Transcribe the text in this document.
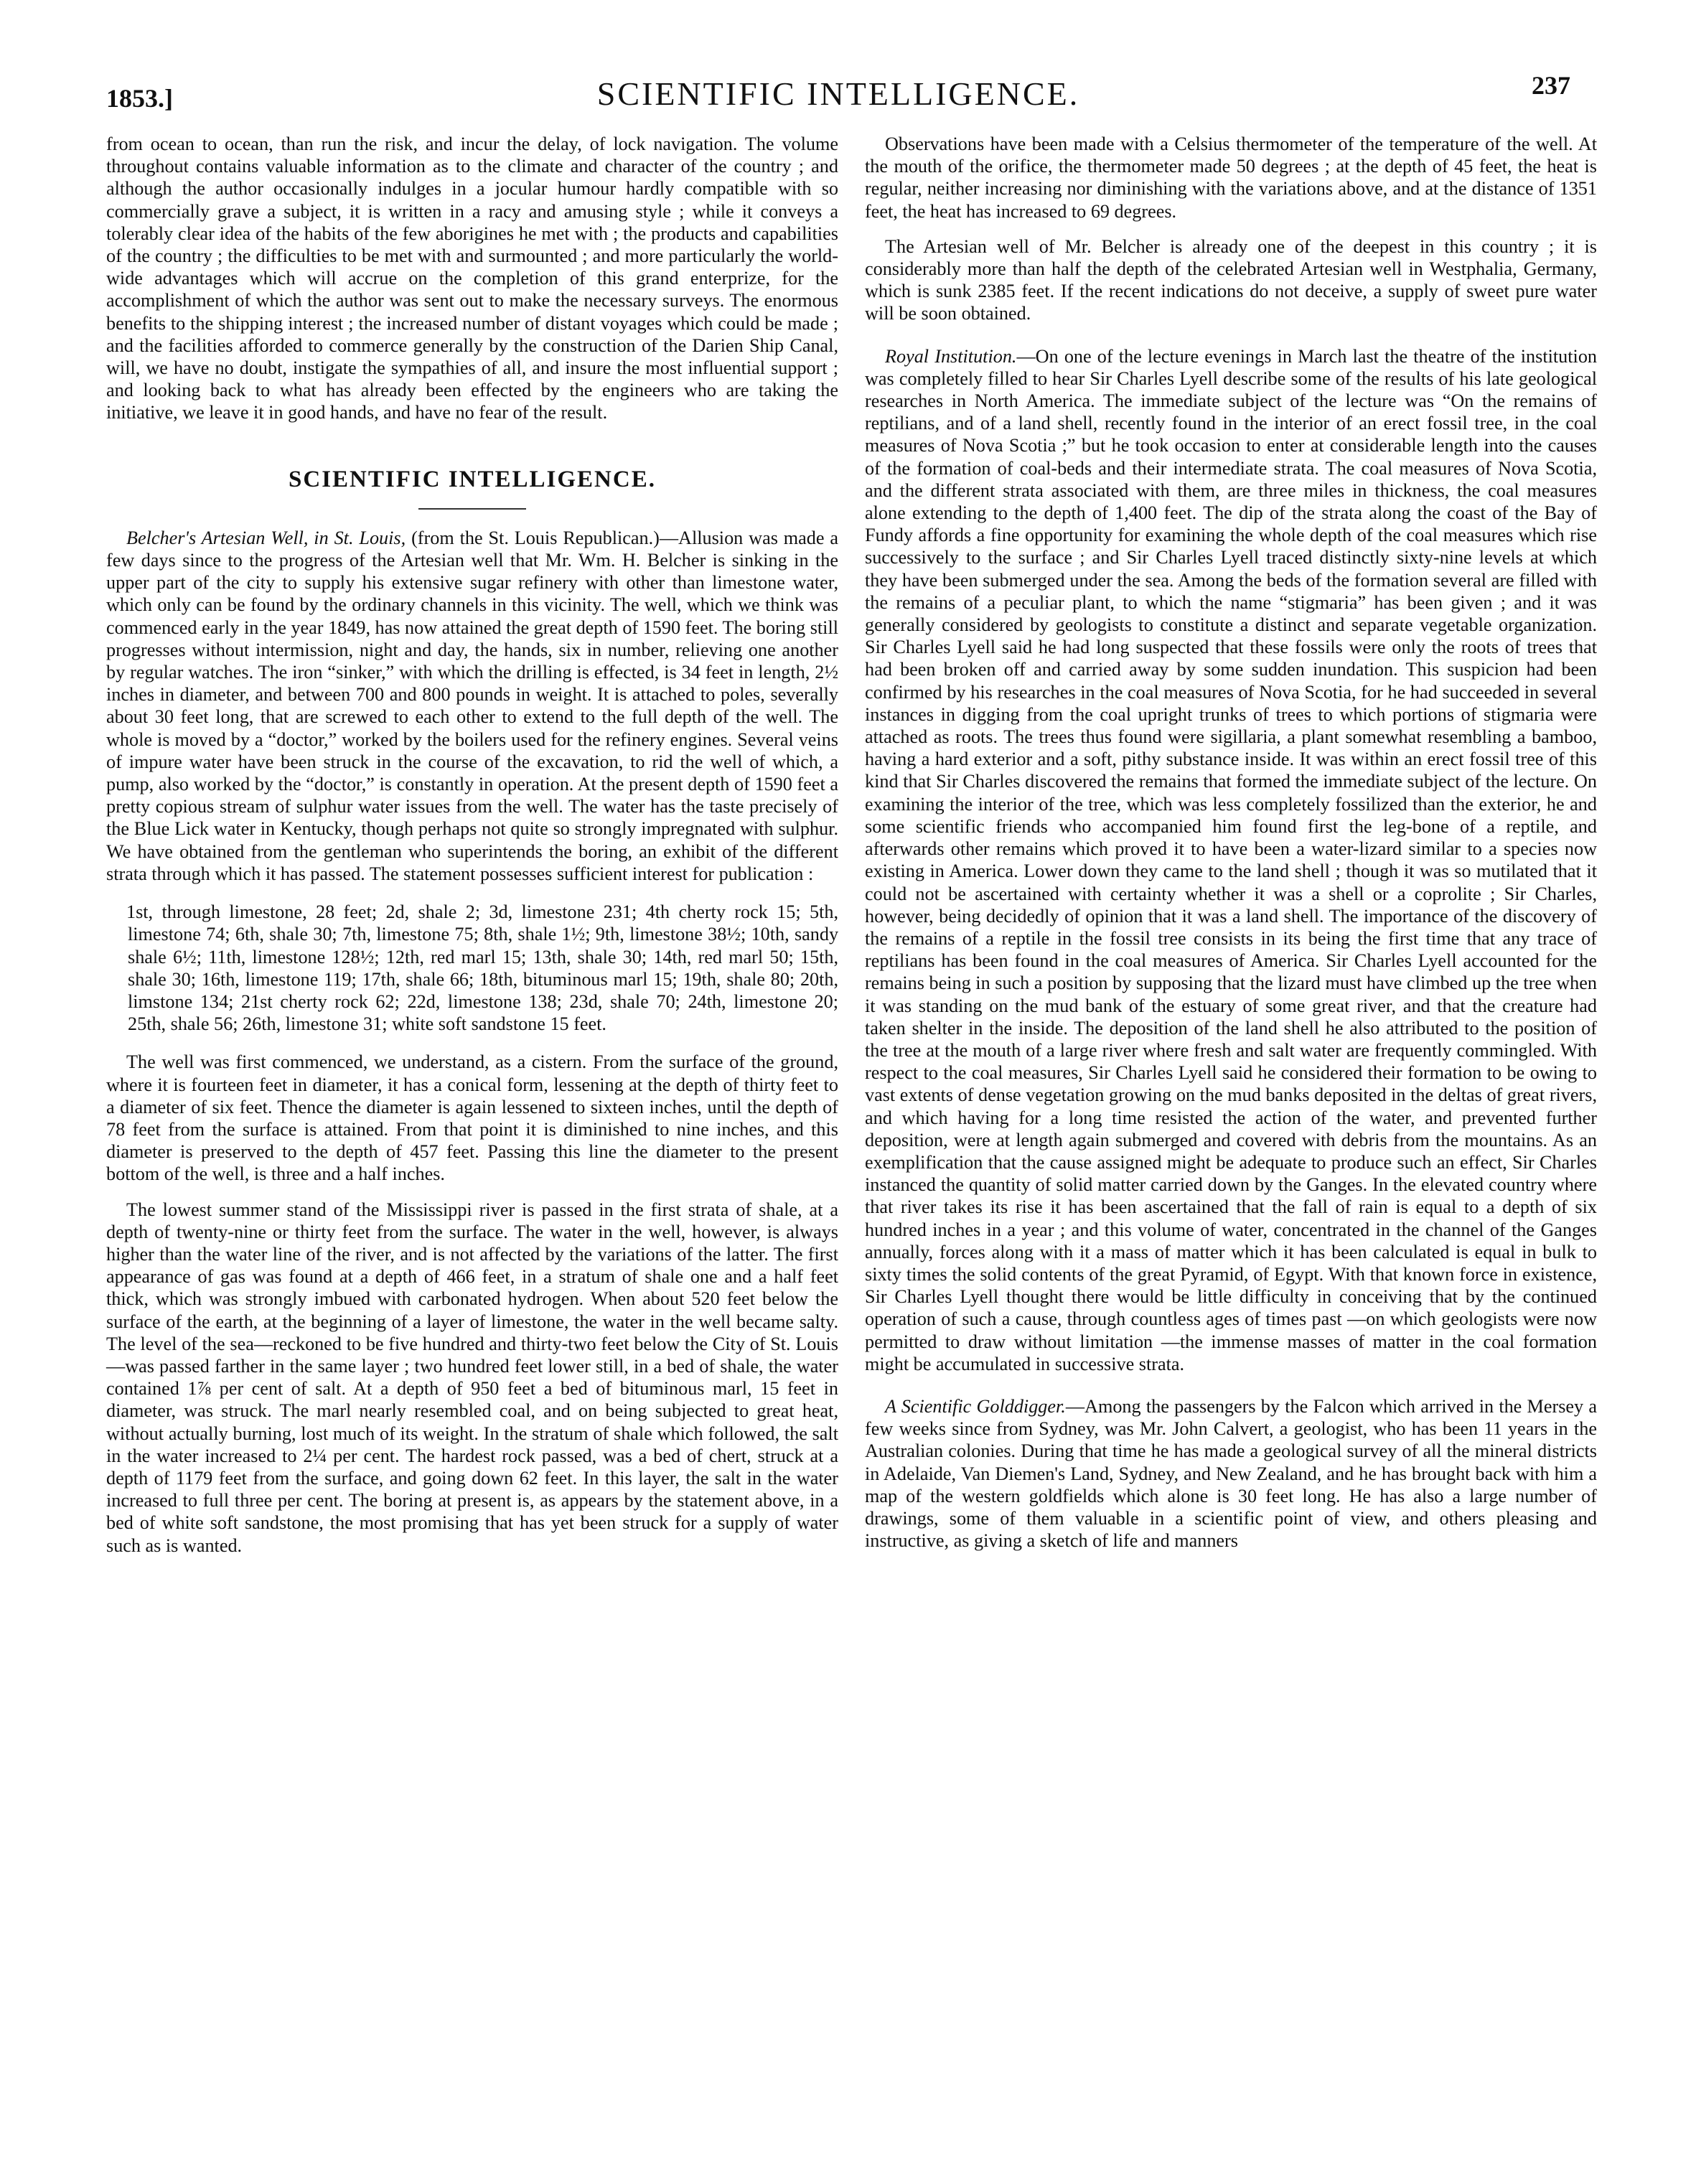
1853.]	SCIENTIFIC INTELLIGENCE.	237

from ocean to ocean, than run the risk, and incur the delay, of lock navigation. The volume throughout contains valuable information as to the climate and character of the country ; and although the author occasionally indulges in a jocular humour hardly compatible with so commercially grave a subject, it is written in a racy and amusing style ; while it conveys a tolerably clear idea of the habits of the few aborigines he met with ; the products and capabilities of the country ; the difficulties to be met with and surmounted ; and more particularly the world-wide advantages which will accrue on the completion of this grand enterprize, for the accomplishment of which the author was sent out to make the necessary surveys. The enormous benefits to the shipping interest ; the increased number of distant voyages which could be made ; and the facilities afforded to commerce generally by the construction of the Darien Ship Canal, will, we have no doubt, instigate the sympathies of all, and insure the most influential support ; and looking back to what has already been effected by the engineers who are taking the initiative, we leave it in good hands, and have no fear of the result.

SCIENTIFIC INTELLIGENCE.

Belcher's Artesian Well, in St. Louis, (from the St. Louis Republican.)—Allusion was made a few days since to the progress of the Artesian well that Mr. Wm. H. Belcher is sinking in the upper part of the city to supply his extensive sugar refinery with other than limestone water, which only can be found by the ordinary channels in this vicinity. The well, which we think was commenced early in the year 1849, has now attained the great depth of 1590 feet. The boring still progresses without intermission, night and day, the hands, six in number, relieving one another by regular watches. The iron “sinker,” with which the drilling is effected, is 34 feet in length, 2½ inches in diameter, and between 700 and 800 pounds in weight. It is attached to poles, severally about 30 feet long, that are screwed to each other to extend to the full depth of the well. The whole is moved by a “doctor,” worked by the boilers used for the refinery engines. Several veins of impure water have been struck in the course of the excavation, to rid the well of which, a pump, also worked by the “doctor,” is constantly in operation. At the present depth of 1590 feet a pretty copious stream of sulphur water issues from the well. The water has the taste precisely of the Blue Lick water in Kentucky, though perhaps not quite so strongly impregnated with sulphur. We have obtained from the gentleman who superintends the boring, an exhibit of the different strata through which it has passed. The statement possesses sufficient interest for publication :

1st, through limestone, 28 feet ; 2d, shale 2 ; 3d, limestone 231 ; 4th cherty rock 15 ; 5th, limestone 74 ; 6th, shale 30 ; 7th, limestone 75 ; 8th, shale 1½ ; 9th, limestone 38½ ; 10th, sandy shale 6½ ; 11th, limestone 128½ ; 12th, red marl 15 ; 13th, shale 30 ; 14th, red marl 50 ; 15th, shale 30 ; 16th, limestone 119 ; 17th, shale 66 ; 18th, bituminous marl 15 ; 19th, shale 80 ; 20th, limstone 134 ; 21st cherty rock 62 ; 22d, limestone 138 ; 23d, shale 70 ; 24th, limestone 20 ; 25th, shale 56 ; 26th, limestone 31 ; white soft sandstone 15 feet.

The well was first commenced, we understand, as a cistern. From the surface of the ground, where it is fourteen feet in diameter, it has a conical form, lessening at the depth of thirty feet to a diameter of six feet. Thence the diameter is again lessened to sixteen inches, until the depth of 78 feet from the surface is attained. From that point it is diminished to nine inches, and this diameter is preserved to the depth of 457 feet. Passing this line the diameter to the present bottom of the well, is three and a half inches.

The lowest summer stand of the Mississippi river is passed in the first strata of shale, at a depth of twenty-nine or thirty feet from the surface. The water in the well, however, is always higher than the water line of the river, and is not affected by the variations of the latter. The first appearance of gas was found at a depth of 466 feet, in a stratum of shale one and a half feet thick, which was strongly imbued with carbonated hydrogen. When about 520 feet below the surface of the earth, at the beginning of a layer of limestone, the water in the well became salty. The level of the sea—reckoned to be five hundred and thirty-two feet below the City of St. Louis—was passed farther in the same layer ; two hundred feet lower still, in a bed of shale, the water contained 1⅞ per cent of salt. At a depth of 950 feet a bed of bituminous marl, 15 feet in diameter, was struck. The marl nearly resembled coal, and on being subjected to great heat, without actually burning, lost much of its weight. In the stratum of shale which followed, the salt in the water increased to 2¼ per cent. The hardest rock passed, was a bed of chert, struck at a depth of 1179 feet from the surface, and going down 62 feet. In this layer, the salt in the water increased to full three per cent. The boring at present is, as appears by the statement above, in a bed of white soft sandstone, the most promising that has yet been struck for a supply of water such as is wanted.

Observations have been made with a Celsius thermometer of the temperature of the well. At the mouth of the orifice, the thermometer made 50 degrees ; at the depth of 45 feet, the heat is regular, neither increasing nor diminishing with the variations above, and at the distance of 1351 feet, the heat has increased to 69 degrees.

The Artesian well of Mr. Belcher is already one of the deepest in this country ; it is considerably more than half the depth of the celebrated Artesian well in Westphalia, Germany, which is sunk 2385 feet. If the recent indications do not deceive, a supply of sweet pure water will be soon obtained.

Royal Institution.—On one of the lecture evenings in March last the theatre of the institution was completely filled to hear Sir Charles Lyell describe some of the results of his late geological researches in North America. The immediate subject of the lecture was “On the remains of reptilians, and of a land shell, recently found in the interior of an erect fossil tree, in the coal measures of Nova Scotia ;” but he took occasion to enter at considerable length into the causes of the formation of coal-beds and their intermediate strata. The coal measures of Nova Scotia, and the different strata associated with them, are three miles in thickness, the coal measures alone extending to the depth of 1,400 feet. The dip of the strata along the coast of the Bay of Fundy affords a fine opportunity for examining the whole depth of the coal measures which rise successively to the surface ; and Sir Charles Lyell traced distinctly sixty-nine levels at which they have been submerged under the sea. Among the beds of the formation several are filled with the remains of a peculiar plant, to which the name “stigmaria” has been given ; and it was generally considered by geologists to constitute a distinct and separate vegetable organization. Sir Charles Lyell said he had long suspected that these fossils were only the roots of trees that had been broken off and carried away by some sudden inundation. This suspicion had been confirmed by his researches in the coal measures of Nova Scotia, for he had succeeded in several instances in digging from the coal upright trunks of trees to which portions of stigmaria were attached as roots. The trees thus found were sigillaria, a plant somewhat resembling a bamboo, having a hard exterior and a soft, pithy substance inside. It was within an erect fossil tree of this kind that Sir Charles discovered the remains that formed the immediate subject of the lecture. On examining the interior of the tree, which was less completely fossilized than the exterior, he and some scientific friends who accompanied him found first the leg-bone of a reptile, and afterwards other remains which proved it to have been a water-lizard similar to a species now existing in America. Lower down they came to the land shell ; though it was so mutilated that it could not be ascertained with certainty whether it was a shell or a coprolite ; Sir Charles, however, being decidedly of opinion that it was a land shell. The importance of the discovery of the remains of a reptile in the fossil tree consists in its being the first time that any trace of reptilians has been found in the coal measures of America. Sir Charles Lyell accounted for the remains being in such a position by supposing that the lizard must have climbed up the tree when it was standing on the mud bank of the estuary of some great river, and that the creature had taken shelter in the inside. The deposition of the land shell he also attributed to the position of the tree at the mouth of a large river where fresh and salt water are frequently commingled. With respect to the coal measures, Sir Charles Lyell said he considered their formation to be owing to vast extents of dense vegetation growing on the mud banks deposited in the deltas of great rivers, and which having for a long time resisted the action of the water, and prevented further deposition, were at length again submerged and covered with debris from the mountains. As an exemplification that the cause assigned might be adequate to produce such an effect, Sir Charles instanced the quantity of solid matter carried down by the Ganges. In the elevated country where that river takes its rise it has been ascertained that the fall of rain is equal to a depth of six hundred inches in a year ; and this volume of water, concentrated in the channel of the Ganges annually, forces along with it a mass of matter which it has been calculated is equal in bulk to sixty times the solid contents of the great Pyramid, of Egypt. With that known force in existence, Sir Charles Lyell thought there would be little difficulty in conceiving that by the continued operation of such a cause, through countless ages of times past —on which geologists were now permitted to draw without limitation —the immense masses of matter in the coal formation might be accumulated in successive strata.

A Scientific Golddigger.—Among the passengers by the Falcon which arrived in the Mersey a few weeks since from Sydney, was Mr. John Calvert, a geologist, who has been 11 years in the Australian colonies. During that time he has made a geological survey of all the mineral districts in Adelaide, Van Diemen's Land, Sydney, and New Zealand, and he has brought back with him a map of the western goldfields which alone is 30 feet long. He has also a large number of drawings, some of them valuable in a scientific point of view, and others pleasing and instructive, as giving a sketch of life and manners
